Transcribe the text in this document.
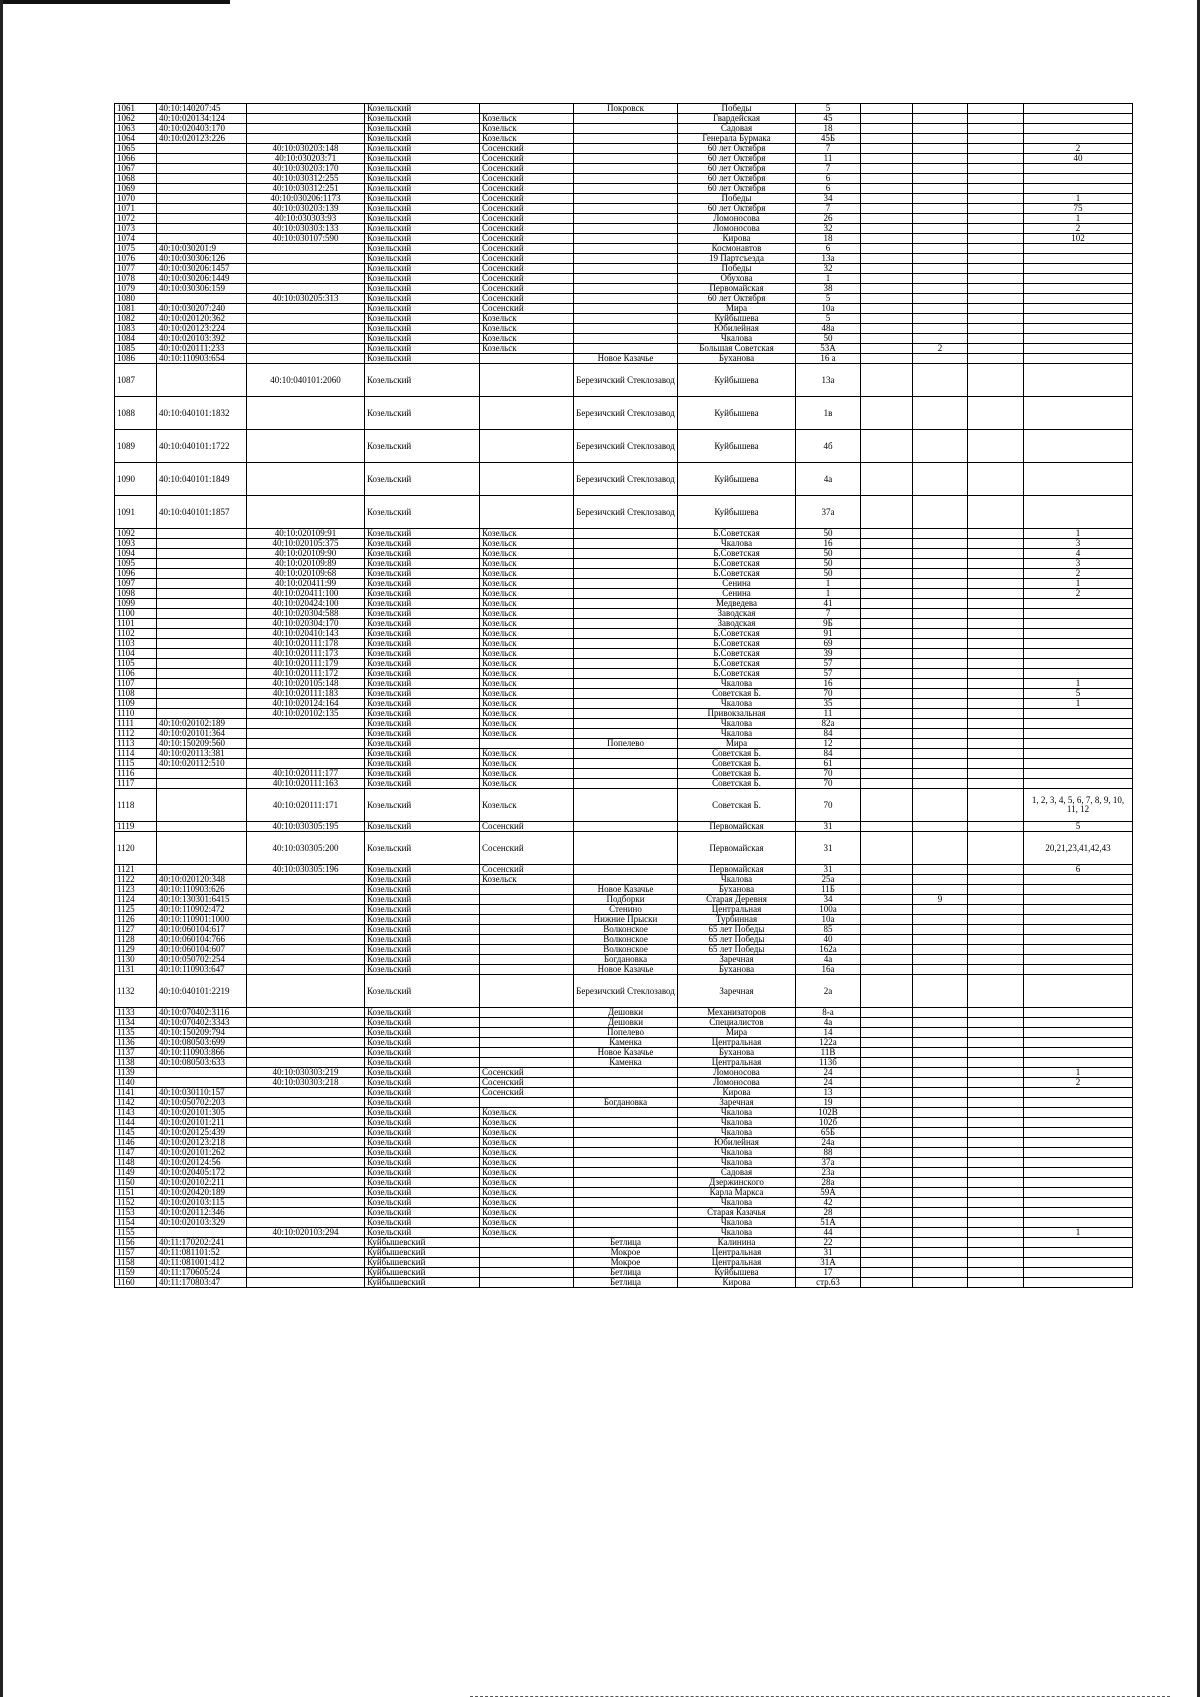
1061	40:10:140207:45		Козельский		Покровск	Победы	5				
1062	40:10:020134:124		Козельский	Козельск		Гвардейская	45				
1063	40:10:020403:170		Козельский	Козельск		Садовая	18				
1064	40:10:020123:226		Козельский	Козельск		Генерала Бурмака	45Б				
1065		40:10:030203:148	Козельский	Сосенский		60 лет Октября	7				2
1066		40:10:030203:71	Козельский	Сосенский		60 лет Октября	11				40
1067		40:10:030203:170	Козельский	Сосенский		60 лет Октября	7				
1068		40:10:030312:255	Козельский	Сосенский		60 лет Октября	6				
1069		40:10:030312:251	Козельский	Сосенский		60 лет Октября	6				
1070		40:10:030206:1173	Козельский	Сосенский		Победы	34				1
1071		40:10:030203:139	Козельский	Сосенский		60 лет Октября	7				75
1072		40:10:030303:93	Козельский	Сосенский		Ломоносова	26				1
1073		40:10:030303:133	Козельский	Сосенский		Ломоносова	32				2
1074		40:10:030107:590	Козельский	Сосенский		Кирова	18				102
1075	40:10:030201:9		Козельский	Сосенский		Космонавтов	6				
1076	40:10:030306:126		Козельский	Сосенский		19 Партсъезда	13а				
1077	40:10:030206:1457		Козельский	Сосенский		Победы	32				
1078	40:10:030206:1449		Козельский	Сосенский		Обухова	1				
1079	40:10:030306:159		Козельский	Сосенский		Первомайская	38				
1080		40:10:030205:313	Козельский	Сосенский		60 лет Октября	5				
1081	40:10:030207:240		Козельский	Сосенский		Мира	10а				
1082	40:10:020120:362		Козельский	Козельск		Куйбышева	5				
1083	40:10:020123:224		Козельский	Козельск		Юбилейная	48а				
1084	40:10:020103:392		Козельский	Козельск		Чкалова	50				
1085	40:10:020111:233		Козельский	Козельск		Большая Советская	53А		2		
1086	40:10:110903:654		Козельский		Новое Казачье	Буханова	16 а				
1087		40:10:040101:2060	Козельский		Березичский Стеклозавод	Куйбышева	13а				
1088	40:10:040101:1832		Козельский		Березичский Стеклозавод	Куйбышева	1в				
1089	40:10:040101:1722		Козельский		Березичский Стеклозавод	Куйбышева	4б				
1090	40:10:040101:1849		Козельский		Березичский Стеклозавод	Куйбышева	4а				
1091	40:10:040101:1857		Козельский		Березичский Стеклозавод	Куйбышева	37а				
1092		40:10:020109:91	Козельский	Козельск		Б.Советская	50				1
1093		40:10:020105:375	Козельский	Козельск		Чкалова	16				3
1094		40:10:020109:90	Козельский	Козельск		Б.Советская	50				4
1095		40:10:020109:89	Козельский	Козельск		Б.Советская	50				3
1096		40:10:020109:68	Козельский	Козельск		Б.Советская	50				2
1097		40:10:020411:99	Козельский	Козельск		Сенина	1				1
1098		40:10:020411:100	Козельский	Козельск		Сенина	1				2
1099		40:10:020424:100	Козельский	Козельск		Медведева	41				
1100		40:10:020304:588	Козельский	Козельск		Заводская	7				
1101		40:10:020304:170	Козельский	Козельск		Заводская	9Б				
1102		40:10:020410:143	Козельский	Козельск		Б.Советская	91				
1103		40:10:020111:178	Козельский	Козельск		Б.Советская	69				
1104		40:10:020111:173	Козельский	Козельск		Б.Советская	39				
1105		40:10:020111:179	Козельский	Козельск		Б.Советская	57				
1106		40:10:020111:172	Козельский	Козельск		Б.Советская	57				
1107		40:10:020105:148	Козельский	Козельск		Чкалова	16				1
1108		40:10:020111:183	Козельский	Козельск		Советская Б.	70				5
1109		40:10:020124:164	Козельский	Козельск		Чкалова	35				1
1110		40:10:020102:135	Козельский	Козельск		Привокзальная	11				
1111	40:10:020102:189		Козельский	Козельск		Чкалова	82а				
1112	40:10:020101:364		Козельский	Козельск		Чкалова	84				
1113	40:10:150209:560		Козельский		Попелево	Мира	12				
1114	40:10:020113:381		Козельский	Козельск		Советская Б.	84				
1115	40:10:020112:510		Козельский	Козельск		Советская Б.	61				
1116		40:10:020111:177	Козельский	Козельск		Советская Б.	70				
1117		40:10:020111:163	Козельский	Козельск		Советская Б.	70				
1118		40:10:020111:171	Козельский	Козельск		Советская Б.	70				1, 2, 3, 4, 5, 6, 7, 8, 9, 10, 11, 12
1119		40:10:030305:195	Козельский	Сосенский		Первомайская	31				5
1120		40:10:030305:200	Козельский	Сосенский		Первомайская	31				20,21,23,41,42,43
1121		40:10:030305:196	Козельский	Сосенский		Первомайская	31				6
1122	40:10:020120:348		Козельский	Козельск		Чкалова	25а				
1123	40:10:110903:626		Козельский		Новое Казачье	Буханова	11Б				
1124	40:10:130301:6415		Козельский		Подборки	Старая Деревня	34		9		
1125	40:10:110902:472		Козельский		Стенино	Центральная	100а				
1126	40:10:110901:1000		Козельский		Нижние Прыски	Турбинная	10а				
1127	40:10:060104:617		Козельский		Волконское	65 лет Победы	85				
1128	40:10:060104:766		Козельский		Волконское	65 лет Победы	40				
1129	40:10:060104:607		Козельский		Волконское	65 лет Победы	162а				
1130	40:10:050702:254		Козельский		Богдановка	Заречная	4а				
1131	40:10:110903:647		Козельский		Новое Казачье	Буханова	16а				
1132	40:10:040101:2219		Козельский		Березичский Стеклозавод	Заречная	2а				
1133	40:10:070402:3116		Козельский		Дешовки	Механизаторов	8-а				
1134	40:10:070402:3343		Козельский		Дешовки	Специалистов	4а				
1135	40:10:150209:794		Козельский		Попелево	Мира	14				
1136	40:10:080503:699		Козельский		Каменка	Центральная	122а				
1137	40:10:110903:866		Козельский		Новое Казачье	Буханова	11В				
1138	40:10:080503:633		Козельский		Каменка	Центральная	113б				
1139		40:10:030303:219	Козельский	Сосенский		Ломоносова	24				1
1140		40:10:030303:218	Козельский	Сосенский		Ломоносова	24				2
1141	40:10:030110:157		Козельский	Сосенский		Кирова	13				
1142	40:10:050702:203		Козельский		Богдановка	Заречная	19				
1143	40:10:020101:305		Козельский	Козельск		Чкалова	102В				
1144	40:10:020101:211		Козельский	Козельск		Чкалова	102б				
1145	40:10:020125:439		Козельский	Козельск		Чкалова	65Б				
1146	40:10:020123:218		Козельский	Козельск		Юбилейная	24а				
1147	40:10:020101:262		Козельский	Козельск		Чкалова	88				
1148	40:10:020124:56		Козельский	Козельск		Чкалова	37а				
1149	40:10:020405:172		Козельский	Козельск		Садовая	23а				
1150	40:10:020102:211		Козельский	Козельск		Дзержинского	28а				
1151	40:10:020420:189		Козельский	Козельск		Карла Маркса	59А				
1152	40:10:020103:115		Козельский	Козельск		Чкалова	42				
1153	40:10:020112:346		Козельский	Козельск		Старая Казачья	28				
1154	40:10:020103:329		Козельский	Козельск		Чкалова	51А				
1155		40:10:020103:294	Козельский	Козельск		Чкалова	44				1
1156	40:11:170202:241		Куйбышевский		Бетлица	Калинина	22				
1157	40:11:081101:52		Куйбышевский		Мокрое	Центральная	31				
1158	40:11:081001:412		Куйбышевский		Мокрое	Центральная	31А				
1159	40:11:170605:24		Куйбышевский		Бетлица	Куйбышева	17				
1160	40:11:170803:47		Куйбышевский		Бетлица	Кирова	стр.63				
